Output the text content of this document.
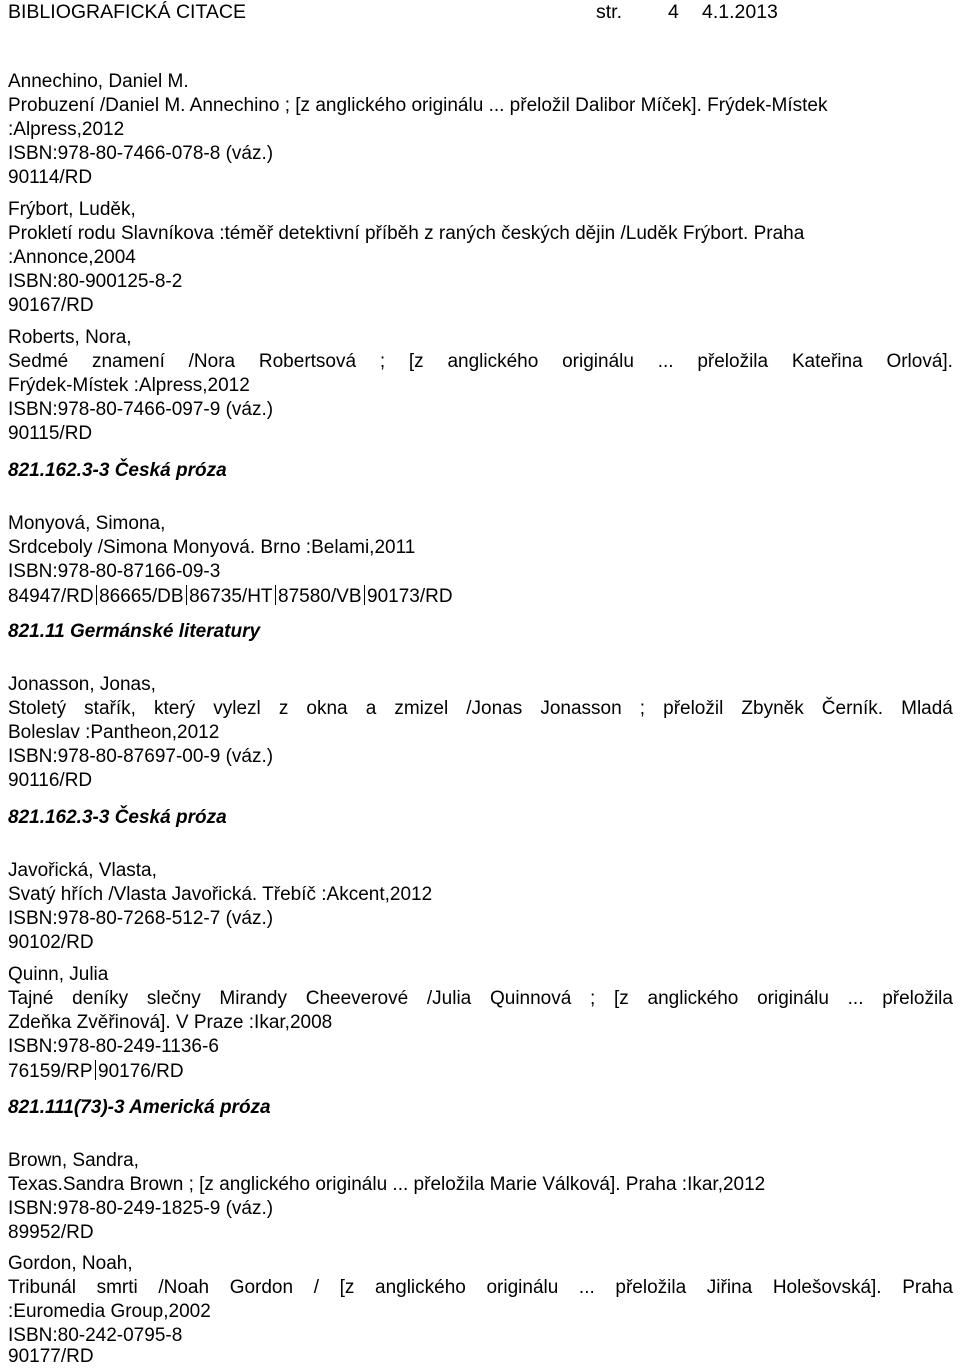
BIBLIOGRAFICKÁ CITACE	str. 4 4.1.2013
Annechino, Daniel M.
Probuzení /Daniel M. Annechino ; [z anglického originálu ... přeložil Dalibor Míček]. Frýdek-Místek
:Alpress,2012
ISBN:978-80-7466-078-8 (váz.)
90114/RD
Frýbort, Luděk,
Prokletí rodu Slavníkova :téměř detektivní příběh z raných českých dějin /Luděk Frýbort. Praha
:Annonce,2004
ISBN:80-900125-8-2
90167/RD
Roberts, Nora,
Sedmé znamení /Nora Robertsová ; [z anglického originálu ... přeložila Kateřina Orlová].
Frýdek-Místek :Alpress,2012
ISBN:978-80-7466-097-9 (váz.)
90115/RD
821.162.3-3 Česká próza
Monyová, Simona,
Srdceboly /Simona Monyová. Brno :Belami,2011
ISBN:978-80-87166-09-3
84947/RD 86665/DB 86735/HT 87580/VB 90173/RD
821.11 Germánské literatury
Jonasson, Jonas,
Stoletý stařík, který vylezl z okna a zmizel /Jonas Jonasson ; přeložil Zbyněk Černík. Mladá
Boleslav :Pantheon,2012
ISBN:978-80-87697-00-9 (váz.)
90116/RD
821.162.3-3 Česká próza
Javořická, Vlasta,
Svatý hřích /Vlasta Javořická. Třebíč :Akcent,2012
ISBN:978-80-7268-512-7 (váz.)
90102/RD
Quinn, Julia
Tajné deníky slečny Mirandy Cheeverové /Julia Quinnová ; [z anglického originálu ... přeložila
Zdeňka Zvěřinová]. V Praze :Ikar,2008
ISBN:978-80-249-1136-6
76159/RP 90176/RD
821.111(73)-3 Americká próza
Brown, Sandra,
Texas.Sandra Brown ; [z anglického originálu ... přeložila Marie Válková]. Praha :Ikar,2012
ISBN:978-80-249-1825-9 (váz.)
89952/RD
Gordon, Noah,
Tribunál smrti /Noah Gordon / [z anglického originálu ... přeložila Jiřina Holešovská]. Praha
:Euromedia Group,2002
ISBN:80-242-0795-8
90177/RD
